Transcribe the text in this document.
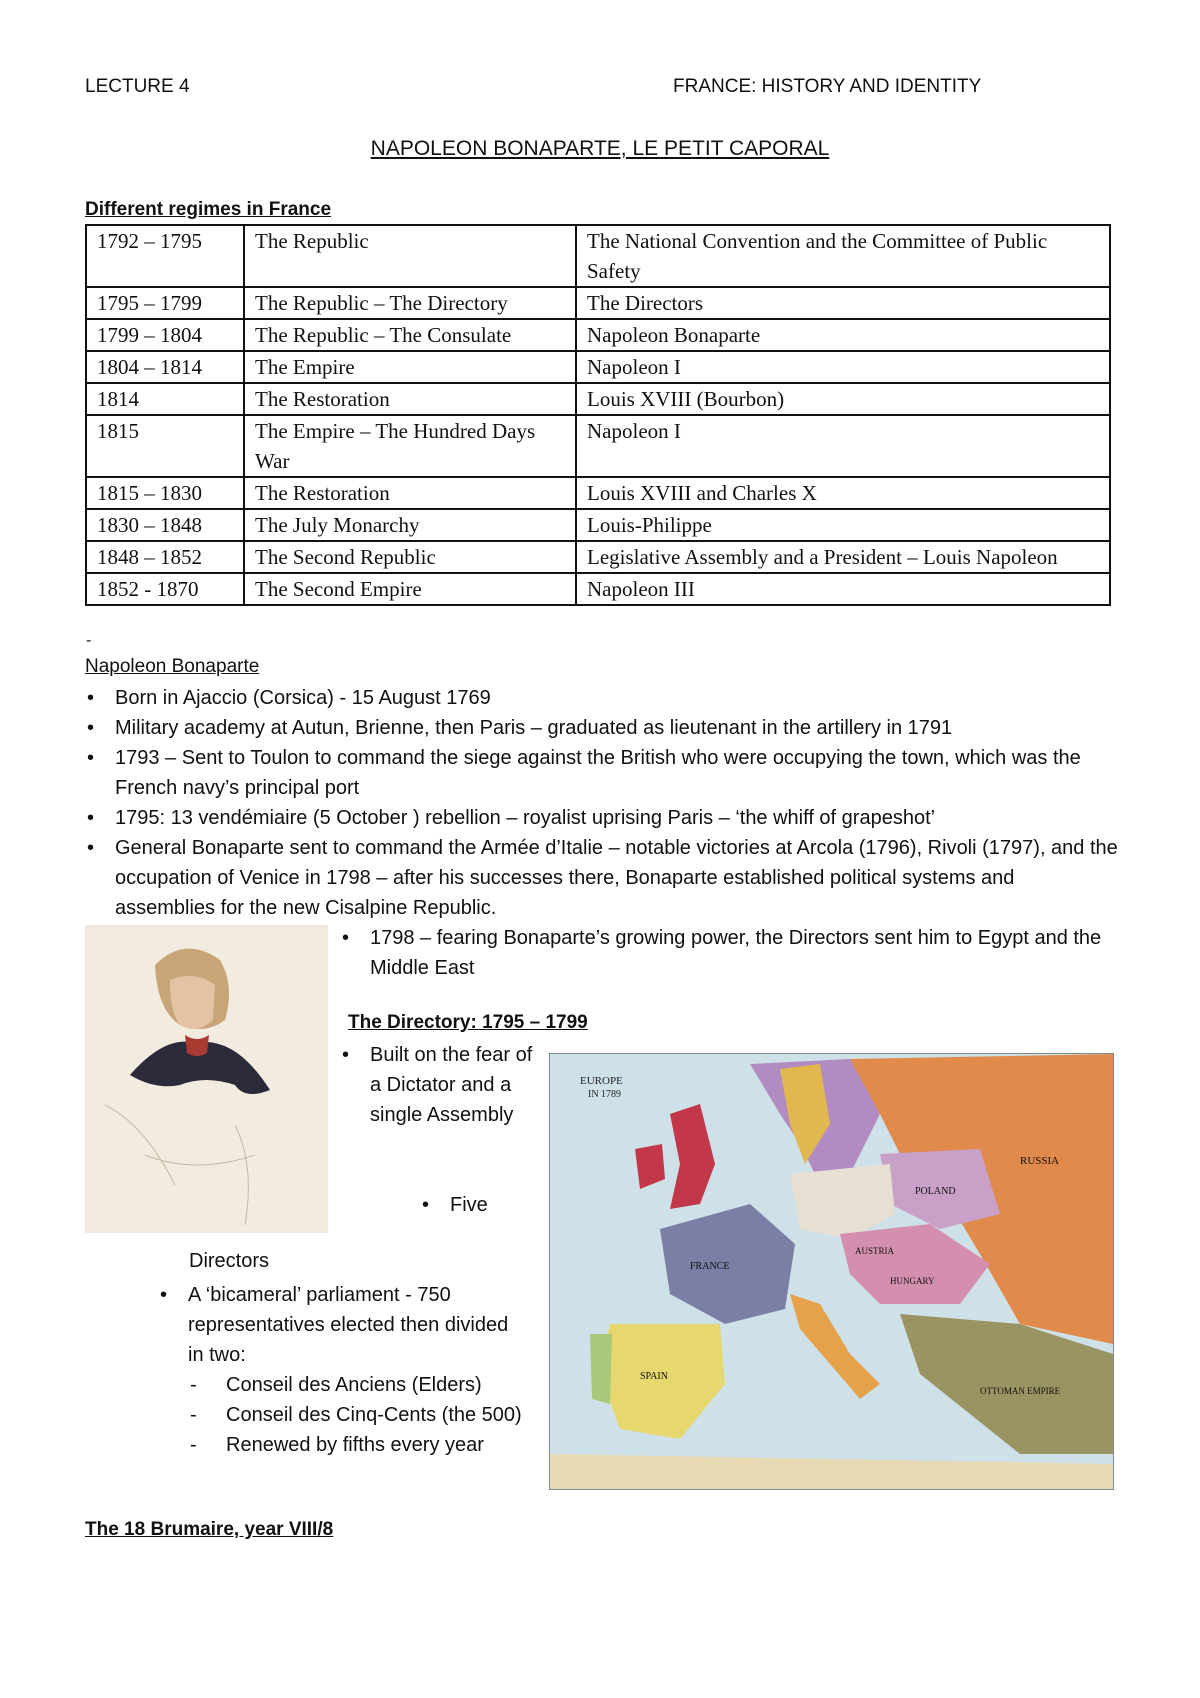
LECTURE 4	FRANCE: HISTORY AND IDENTITY
NAPOLEON BONAPARTE, LE PETIT CAPORAL
Different regimes in France
1792 – 1795	The Republic	The National Convention and the Committee of Public Safety
1795 – 1799	The Republic – The Directory	The Directors
1799 – 1804	The Republic – The Consulate	Napoleon Bonaparte
1804 – 1814	The Empire	Napoleon I
1814	The Restoration	Louis XVIII (Bourbon)
1815	The Empire – The Hundred Days War	Napoleon I
1815 – 1830	The Restoration	Louis XVIII and Charles X
1830 – 1848	The July Monarchy	Louis-Philippe
1848 – 1852	The Second Republic	Legislative Assembly and a President – Louis Napoleon
1852 - 1870	The Second Empire	Napoleon III
-
Napoleon Bonaparte
• Born in Ajaccio (Corsica) - 15 August 1769
• Military academy at Autun, Brienne, then Paris – graduated as lieutenant in the artillery in 1791
• 1793 – Sent to Toulon to command the siege against the British who were occupying the town, which was the French navy’s principal port
• 1795: 13 vendémiaire (5 October ) rebellion – royalist uprising Paris – ‘the whiff of grapeshot’
• General Bonaparte sent to command the Armée d’Italie – notable victories at Arcola (1796), Rivoli (1797), and the occupation of Venice in 1798 – after his successes there, Bonaparte established political systems and assemblies for the new Cisalpine Republic.
• 1798 – fearing Bonaparte’s growing power, the Directors sent him to Egypt and the Middle East
The Directory: 1795 – 1799
• Built on the fear of a Dictator and a single Assembly
• Five
Directors
• A ‘bicameral’ parliament - 750 representatives elected then divided in two:
- Conseil des Anciens (Elders)
- Conseil des Cinq-Cents (the 500)
- Renewed by fifths every year
EUROPE
IN 1789
FRANCE
SPAIN
AUSTRIA
HUNGARY
POLAND
RUSSIA
OTTOMAN EMPIRE
The 18 Brumaire, year VIII/8
